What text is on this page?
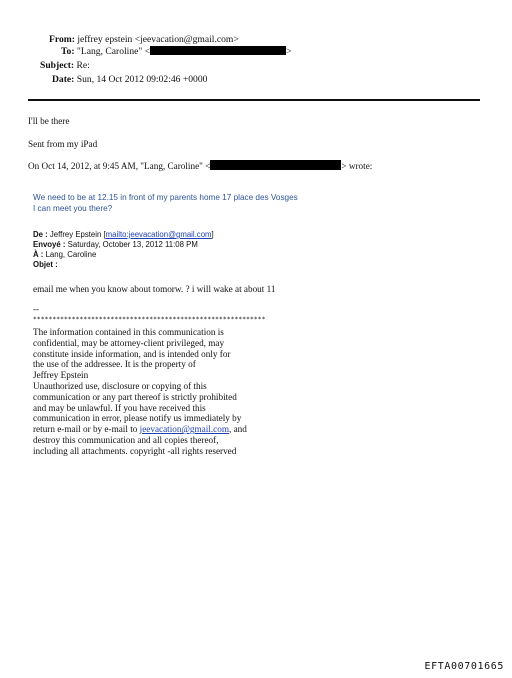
From: jeffrey epstein <jeevacation@gmail.com>
To: "Lang, Caroline" <	>
Subject: Re:
Date: Sun, 14 Oct 2012 09:02:46 +0000
I'll be there
Sent from my iPad
On Oct 14, 2012, at 9:45 AM, "Lang, Caroline" <	> wrote:
We need to be at 12.15 in front of my parents home 17 place des Vosges
I can meet you there?
De : Jeffrey Epstein [mailto:jeevacation@gmail.com]
Envoyé : Saturday, October 13, 2012 11:08 PM
À : Lang, Caroline
Objet :
email me when you know about tomorw. ? i will wake at about 11
--
************************************************************
The information contained in this communication is
confidential, may be attorney-client privileged, may
constitute inside information, and is intended only for
the use of the addressee. It is the property of
Jeffrey Epstein
Unauthorized use, disclosure or copying of this
communication or any part thereof is strictly prohibited
and may be unlawful. If you have received this
communication in error, please notify us immediately by
return e-mail or by e-mail to jeevacation@gmail.com, and
destroy this communication and all copies thereof,
including all attachments. copyright -all rights reserved
EFTA00701665
